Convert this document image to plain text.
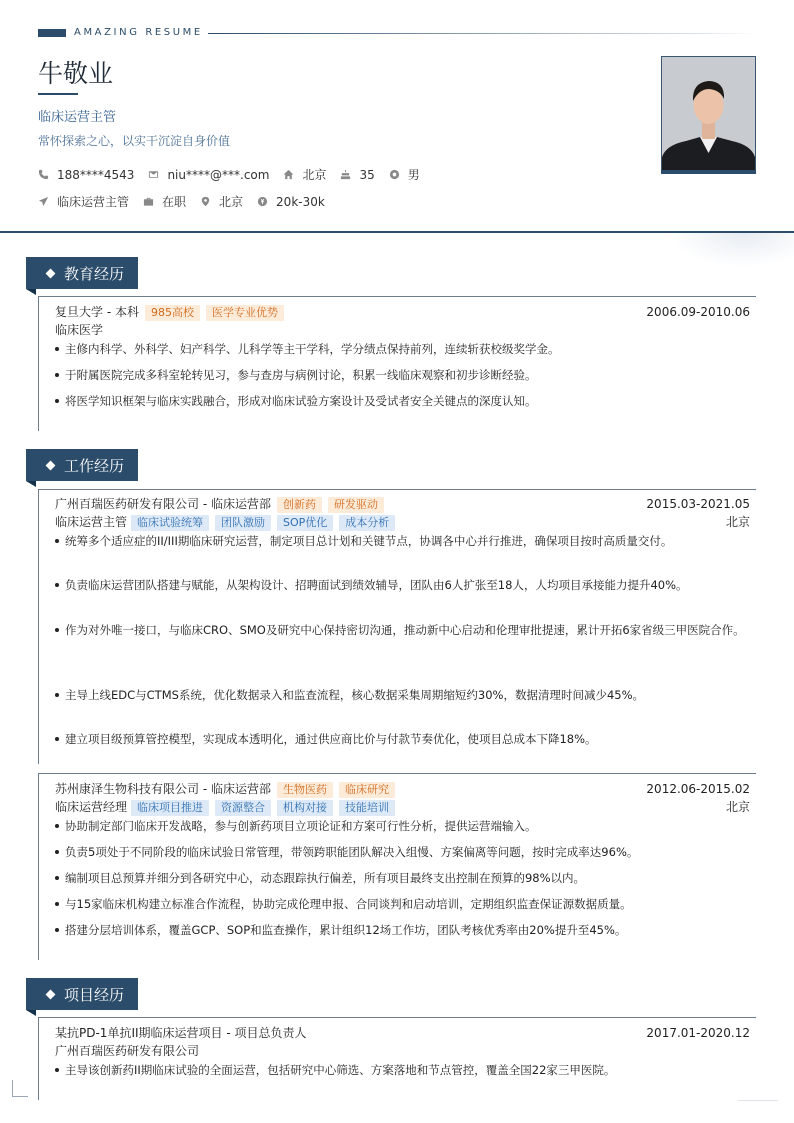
AMAZING RESUME
牛敬业
临床运营主管
常怀探索之心，以实干沉淀自身价值
188****4543	niu****@***.com	北京	35	男
临床运营主管	在职	北京	20k-30k
教育经历
复旦大学 - 本科 985高校 医学专业优势	2006.09-2010.06
临床医学
主修内科学、外科学、妇产科学、儿科学等主干学科，学分绩点保持前列，连续斩获校级奖学金。
于附属医院完成多科室轮转见习，参与查房与病例讨论，积累一线临床观察和初步诊断经验。
将医学知识框架与临床实践融合，形成对临床试验方案设计及受试者安全关键点的深度认知。
工作经历
广州百瑞医药研发有限公司 - 临床运营部 创新药 研发驱动	2015.03-2021.05
临床运营主管 临床试验统筹 团队激励 SOP优化 成本分析	北京
统筹多个适应症的II/III期临床研究运营，制定项目总计划和关键节点，协调各中心并行推进，确保项目按时高质量交付。
负责临床运营团队搭建与赋能，从架构设计、招聘面试到绩效辅导，团队由6人扩张至18人，人均项目承接能力提升40%。
作为对外唯一接口，与临床CRO、SMO及研究中心保持密切沟通，推动新中心启动和伦理审批提速，累计开拓6家省级三甲医院合作。
主导上线EDC与CTMS系统，优化数据录入和监查流程，核心数据采集周期缩短约30%，数据清理时间减少45%。
建立项目级预算管控模型，实现成本透明化，通过供应商比价与付款节奏优化，使项目总成本下降18%。
苏州康泽生物科技有限公司 - 临床运营部 生物医药 临床研究	2012.06-2015.02
临床运营经理 临床项目推进 资源整合 机构对接 技能培训	北京
协助制定部门临床开发战略，参与创新药项目立项论证和方案可行性分析，提供运营端输入。
负责5项处于不同阶段的临床试验日常管理，带领跨职能团队解决入组慢、方案偏离等问题，按时完成率达96%。
编制项目总预算并细分到各研究中心，动态跟踪执行偏差，所有项目最终支出控制在预算的98%以内。
与15家临床机构建立标准合作流程，协助完成伦理申报、合同谈判和启动培训，定期组织监查保证源数据质量。
搭建分层培训体系，覆盖GCP、SOP和监查操作，累计组织12场工作坊，团队考核优秀率由20%提升至45%。
项目经历
某抗PD-1单抗II期临床运营项目 - 项目总负责人	2017.01-2020.12
广州百瑞医药研发有限公司
主导该创新药II期临床试验的全面运营，包括研究中心筛选、方案落地和节点管控，覆盖全国22家三甲医院。
